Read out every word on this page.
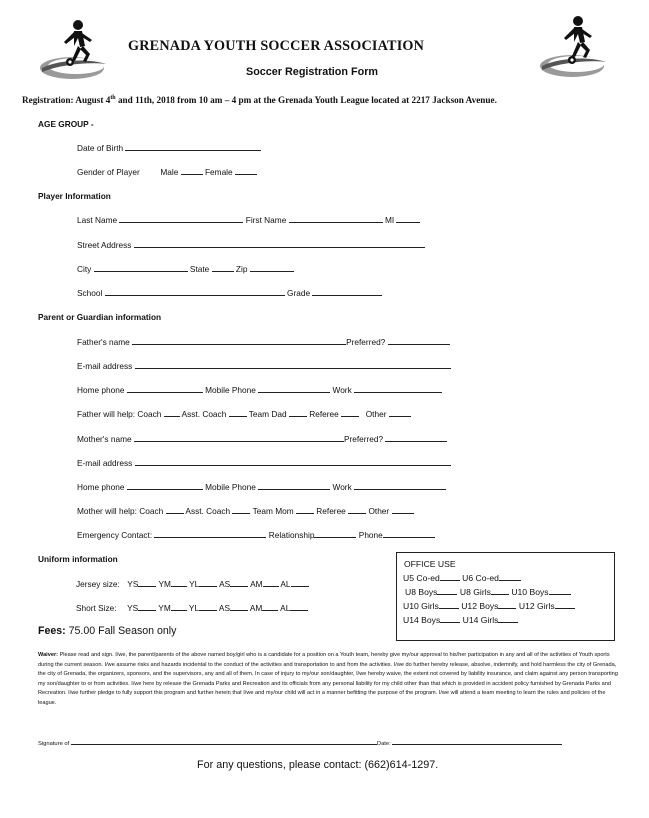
GRENADA YOUTH SOCCER ASSOCIATION
Soccer Registration Form
Registration: August 4th and 11th, 2018 from 10 am – 4 pm at the Grenada Youth League located at 2217 Jackson Avenue.
AGE GROUP -
Date of Birth
Gender of Player Male	Female
Player Information
Last Name	First Name	MI
Street Address
City	State	Zip
School	Grade
Parent or Guardian information
Father's name	Preferred?
E-mail address
Home phone	Mobile Phone	Work
Father will help: Coach Asst. Coach	Team Dad	Referee	Other
Mother's name	Preferred?
E-mail address
Home phone	Mobile Phone	Work
Mother will help: Coach	Asst. Coach	Team Mom	Referee	Other
Emergency Contact:	Relationship	Phone
Uniform information
Jersey size: YS YM YL AS AM AL
Short Size: YS YM YL AS AM AL
Fees: 75.00 Fall Season only
OFFICE USE
U5 Co-ed	U6 Co-ed
U8 Boys	U8 Girls U10 Boys
U10 Girls	U12 Boys U12 Girls
U14 Boys	U14 Girls
Waiver: Please read and sign. I/we, the parent/parents of the above named boy/girl who is a candidate for a position on a Youth team, hereby give my/our approval to his/her participation in any and all of the activities of Youth sports during the current season. I/we assume risks and hazards incidental to the conduct of the activities and transportation to and from the activities. I/we do further hereby release, absolve, indemnify, and hold harmless the city of Grenada, the city of Grenada, the organizers, sponsors, and the supervisors, any and all of them. In case of injury to my/our son/daughter, I/we hereby waive, the extent not covered by liability insurance, and claim against any person transporting my son/daughter to or from activities. I/we here by release the Grenada Parks and Recreation and its officials from any personal liability for my child other than that which is provided in accident policy furnished by Grenada Parks and Recreation. I/we further pledge to fully support this program and further herein that I/we and my/our child will act in a manner befitting the purpose of the program. I/we will attend a team meeting to learn the rules and policies of the league.
Signature of	Date:
For any questions, please contact: (662)614-1297.
